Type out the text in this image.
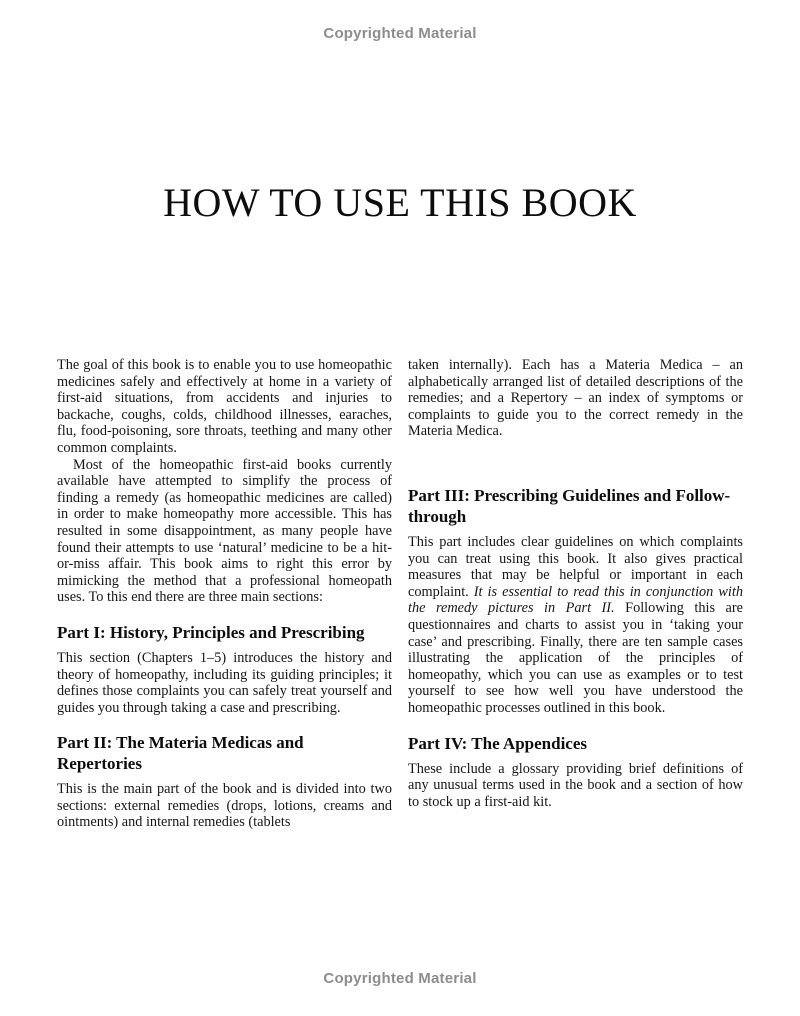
Copyrighted Material
HOW TO USE THIS BOOK

The goal of this book is to enable you to use homeopathic medicines safely and effectively at home in a variety of first-aid situations, from accidents and injuries to backache, coughs, colds, childhood illnesses, earaches, flu, food-poisoning, sore throats, teething and many other common complaints.

Most of the homeopathic first-aid books currently available have attempted to simplify the process of finding a remedy (as homeopathic medicines are called) in order to make homeopathy more accessible. This has resulted in some disappointment, as many people have found their attempts to use ‘natural’ medicine to be a hit-or-miss affair. This book aims to right this error by mimicking the method that a professional homeopath uses. To this end there are three main sections:

Part I: History, Principles and Prescribing

This section (Chapters 1–5) introduces the history and theory of homeopathy, including its guiding principles; it defines those complaints you can safely treat yourself and guides you through taking a case and prescribing.

Part II: The Materia Medicas and Repertories

This is the main part of the book and is divided into two sections: external remedies (drops, lotions, creams and ointments) and internal remedies (tablets

taken internally). Each has a Materia Medica – an alphabetically arranged list of detailed descriptions of the remedies; and a Repertory – an index of symptoms or complaints to guide you to the correct remedy in the Materia Medica.

Part III: Prescribing Guidelines and Follow-through

This part includes clear guidelines on which complaints you can treat using this book. It also gives practical measures that may be helpful or important in each complaint. It is essential to read this in conjunction with the remedy pictures in Part II. Following this are questionnaires and charts to assist you in ‘taking your case’ and prescribing. Finally, there are ten sample cases illustrating the application of the principles of homeopathy, which you can use as examples or to test yourself to see how well you have understood the homeopathic processes outlined in this book.

Part IV: The Appendices

These include a glossary providing brief definitions of any unusual terms used in the book and a section of how to stock up a first-aid kit.

Copyrighted Material
